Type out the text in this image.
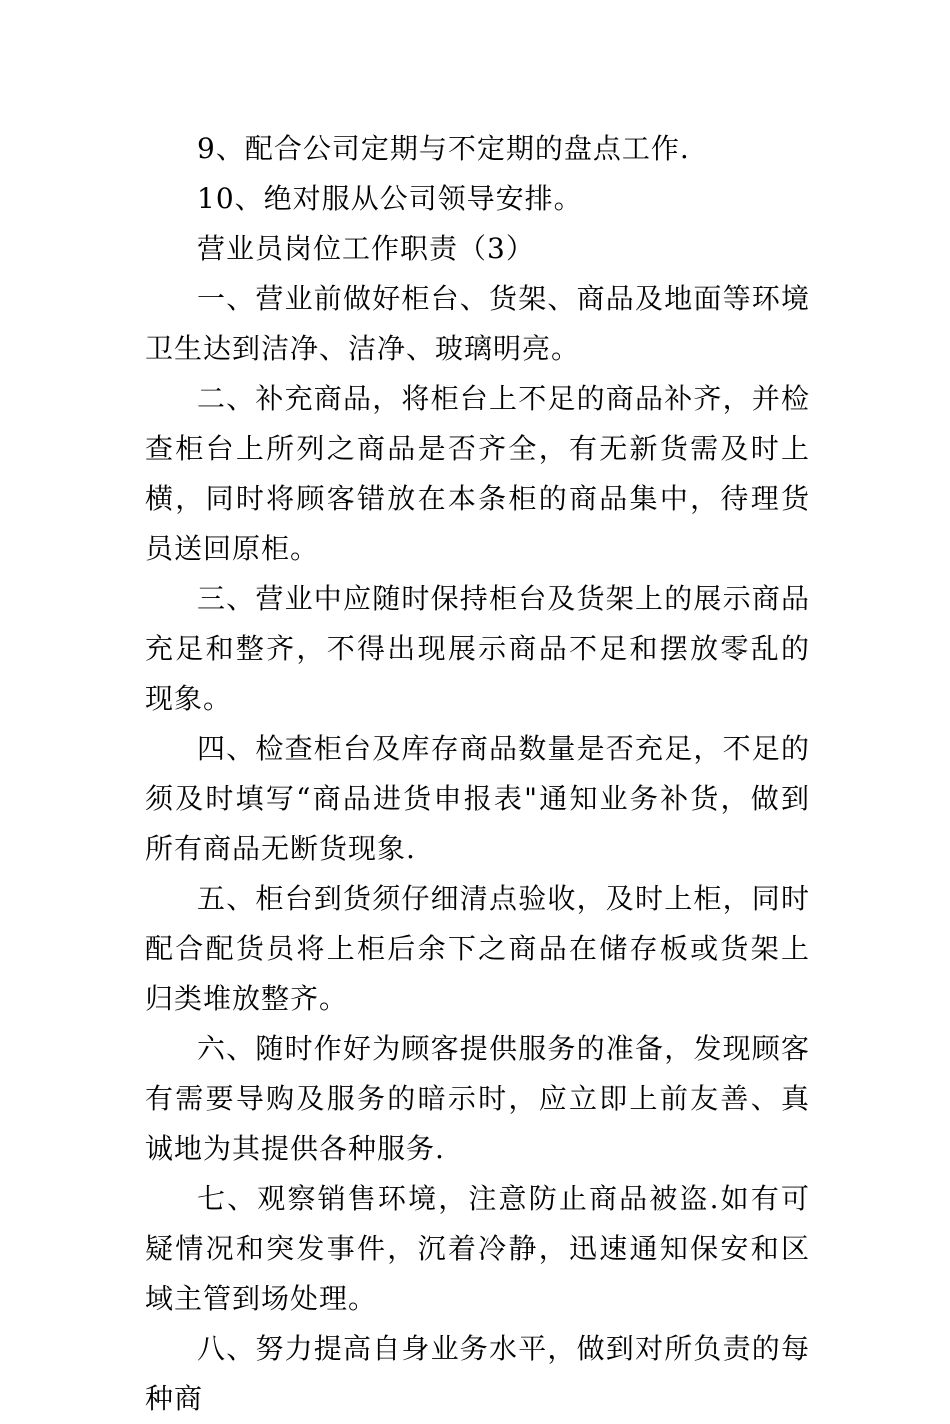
9、配合公司定期与不定期的盘点工作.

10、绝对服从公司领导安排。

营业员岗位工作职责（3）

一、营业前做好柜台、货架、商品及地面等环境卫生达到洁净、洁净、玻璃明亮。

二、补充商品，将柜台上不足的商品补齐，并检查柜台上所列之商品是否齐全，有无新货需及时上横，同时将顾客错放在本条柜的商品集中，待理货员送回原柜。

三、营业中应随时保持柜台及货架上的展示商品充足和整齐，不得出现展示商品不足和摆放零乱的现象。

四、检查柜台及库存商品数量是否充足，不足的须及时填写“商品进货申报表"通知业务补货，做到所有商品无断货现象.

五、柜台到货须仔细清点验收，及时上柜，同时配合配货员将上柜后余下之商品在储存板或货架上归类堆放整齐。

六、随时作好为顾客提供服务的准备，发现顾客有需要导购及服务的暗示时，应立即上前友善、真诚地为其提供各种服务.

七、观察销售环境，注意防止商品被盗.如有可疑情况和突发事件，沉着冷静，迅速通知保安和区域主管到场处理。

八、努力提高自身业务水平，做到对所负责的每种商
